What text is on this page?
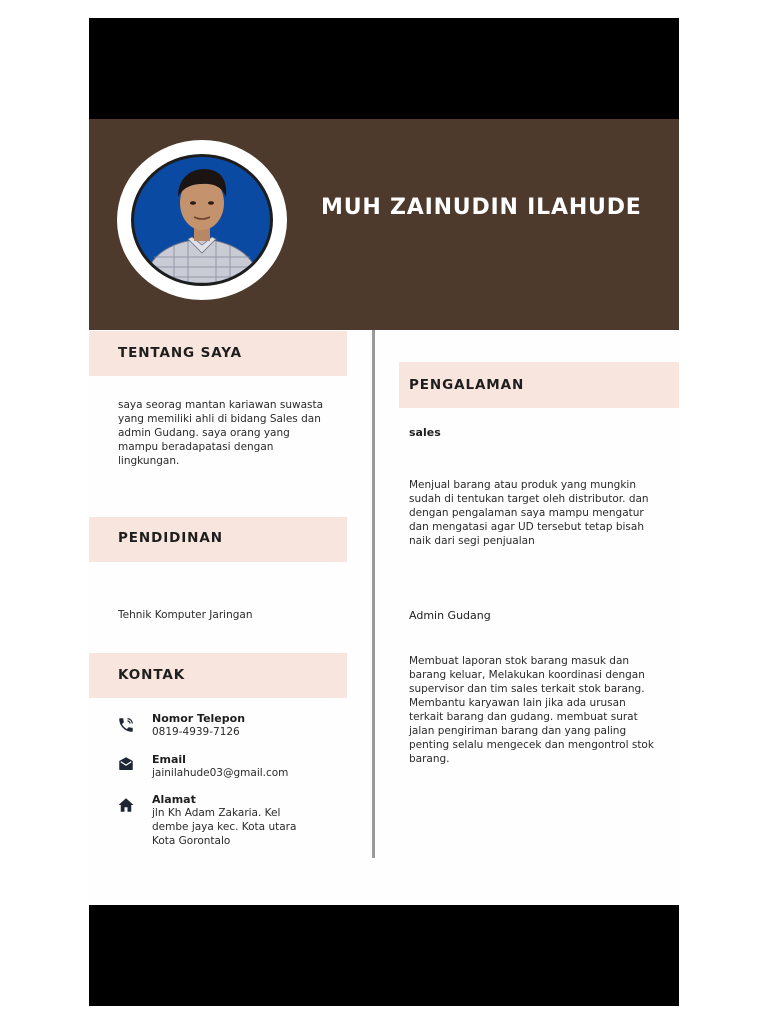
MUH ZAINUDIN ILAHUDE
TENTANG SAYA
saya seorag mantan kariawan suwasta yang memiliki ahli di bidang Sales dan admin Gudang. saya orang yang mampu beradapatasi dengan lingkungan.
PENDIDINAN
Tehnik Komputer Jaringan
KONTAK
Nomor Telepon
0819-4939-7126
Email
jainilahude03@gmail.com
Alamat
jln Kh Adam Zakaria. Kel dembe jaya kec. Kota utara Kota Gorontalo
PENGALAMAN
sales
Menjual barang atau produk yang mungkin sudah di tentukan target oleh distributor. dan dengan pengalaman saya mampu mengatur dan mengatasi agar UD tersebut tetap bisah naik dari segi penjualan
Admin Gudang
Membuat laporan stok barang masuk dan barang keluar, Melakukan koordinasi dengan supervisor dan tim sales terkait stok barang. Membantu karyawan lain jika ada urusan terkait barang dan gudang. membuat surat jalan pengiriman barang dan yang paling penting selalu mengecek dan mengontrol stok barang.
